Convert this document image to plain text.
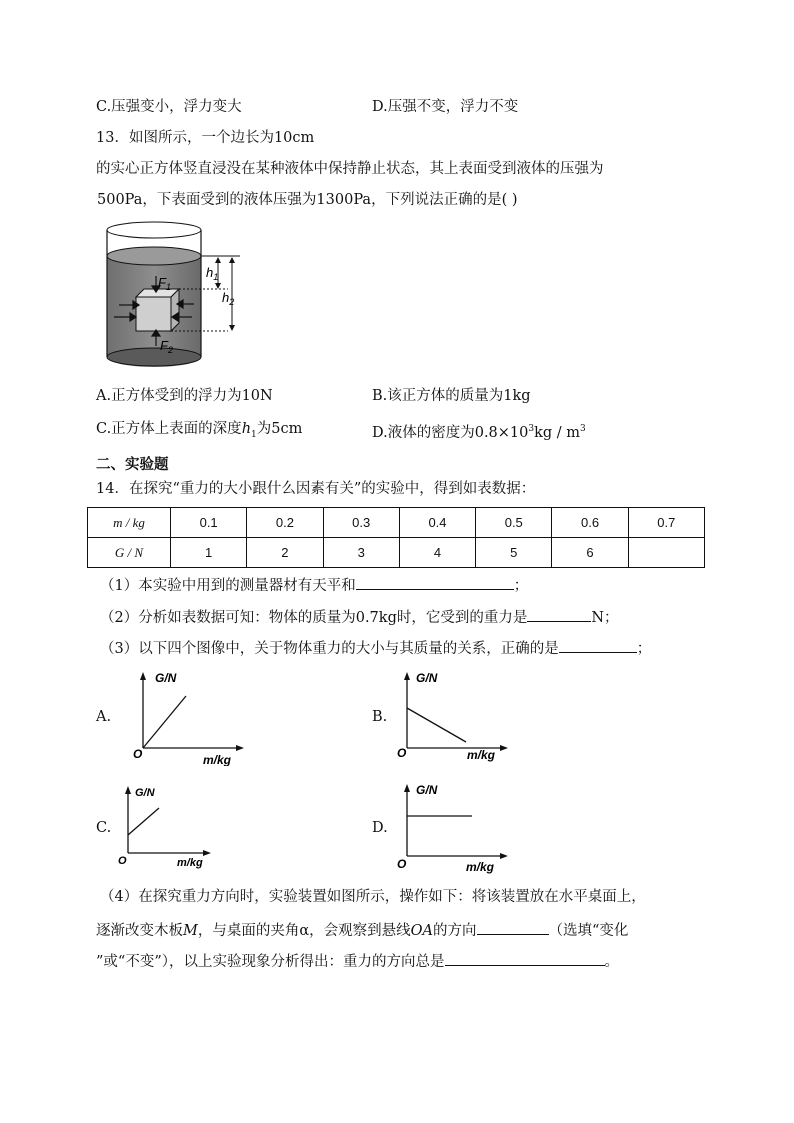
C.压强变小，浮力变大	D.压强不变，浮力不变
13．如图所示，一个边长为10cm
的实心正方体竖直浸没在某种液体中保持静止状态，其上表面受到液体的压强为
500Pa，下表面受到的液体压强为1300Pa，下列说法正确的是( )
$F_1$
$F_2$
$h_1$
$h_2$
A.正方体受到的浮力为10N	B.该正方体的质量为1kg
C.正方体上表面的深度$h_1$为5cm	D.液体的密度为$0.8\times 10^3kg / m^3$
二、实验题
14．在探究“重力的大小跟什么因素有关”的实验中，得到如表数据：
m / kg	0.1	0.2	0.3	0.4	0.5	0.6	0.7
G / N	1	2	3	4	5	6	
（1）本实验中用到的测量器材有天平和	；
（2）分析如表数据可知：物体的质量为0.7kg时，它受到的重力是	N；
（3）以下四个图像中，关于物体重力的大小与其质量的关系，正确的是	；
A.
G/N
m/kg
O
B.
G/N
m/kg
O
C.
G/N
m/kg
O
D.
G/N
m/kg
O
（4）在探究重力方向时，实验装置如图所示，操作如下：将该装置放在水平桌面上，
逐渐改变木板M，与桌面的夹角α，会观察到悬线OA的方向	（选填“变化
”或“不变”），以上实验现象分析得出：重力的方向总是	。
